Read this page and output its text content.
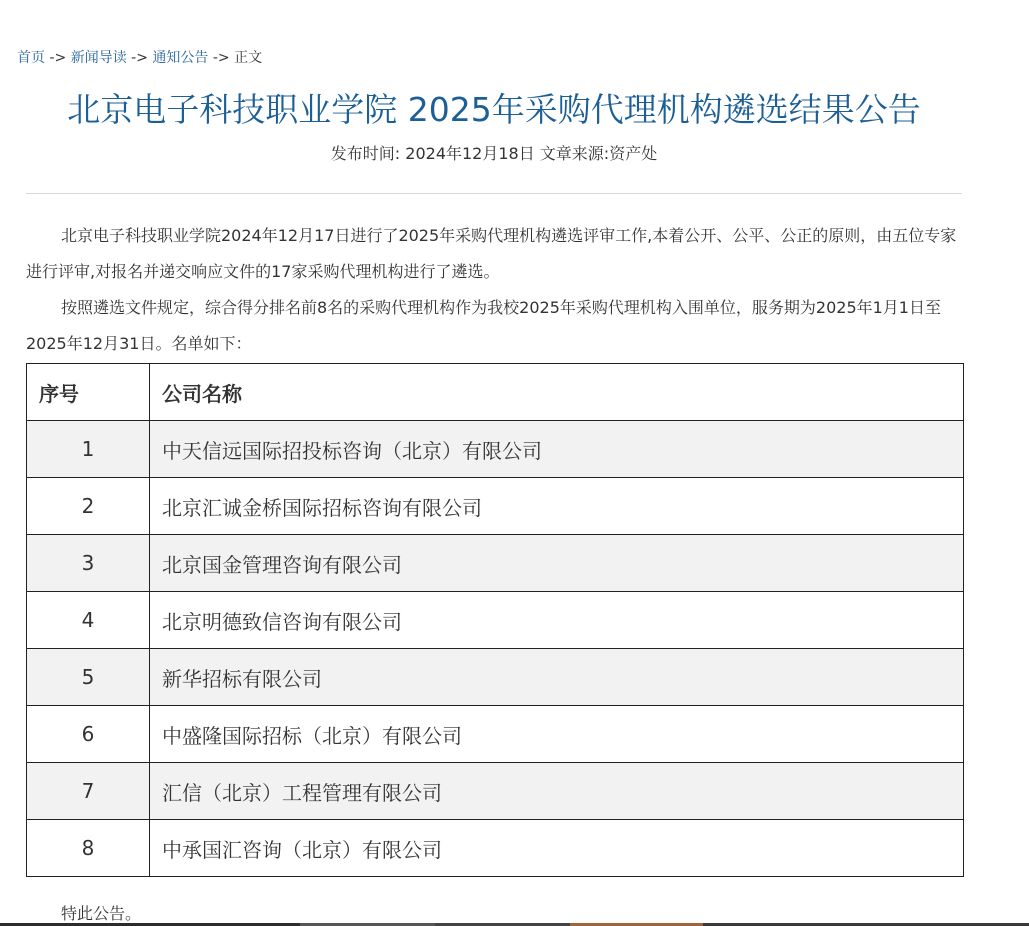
首页 -> 新闻导读 -> 通知公告 -> 正文
北京电子科技职业学院 2025年采购代理机构遴选结果公告
发布时间: 2024年12月18日 文章来源:资产处

北京电子科技职业学院2024年12月17日进行了2025年采购代理机构遴选评审工作,本着公开、公平、公正的原则，由五位专家进行评审,对报名并递交响应文件的17家采购代理机构进行了遴选。

按照遴选文件规定，综合得分排名前8名的采购代理机构作为我校2025年采购代理机构入围单位，服务期为2025年1月1日至2025年12月31日。名单如下：

序号	公司名称
1	中天信远国际招投标咨询（北京）有限公司
2	北京汇诚金桥国际招标咨询有限公司
3	北京国金管理咨询有限公司
4	北京明德致信咨询有限公司
5	新华招标有限公司
6	中盛隆国际招标（北京）有限公司
7	汇信（北京）工程管理有限公司
8	中承国汇咨询（北京）有限公司
特此公告。
